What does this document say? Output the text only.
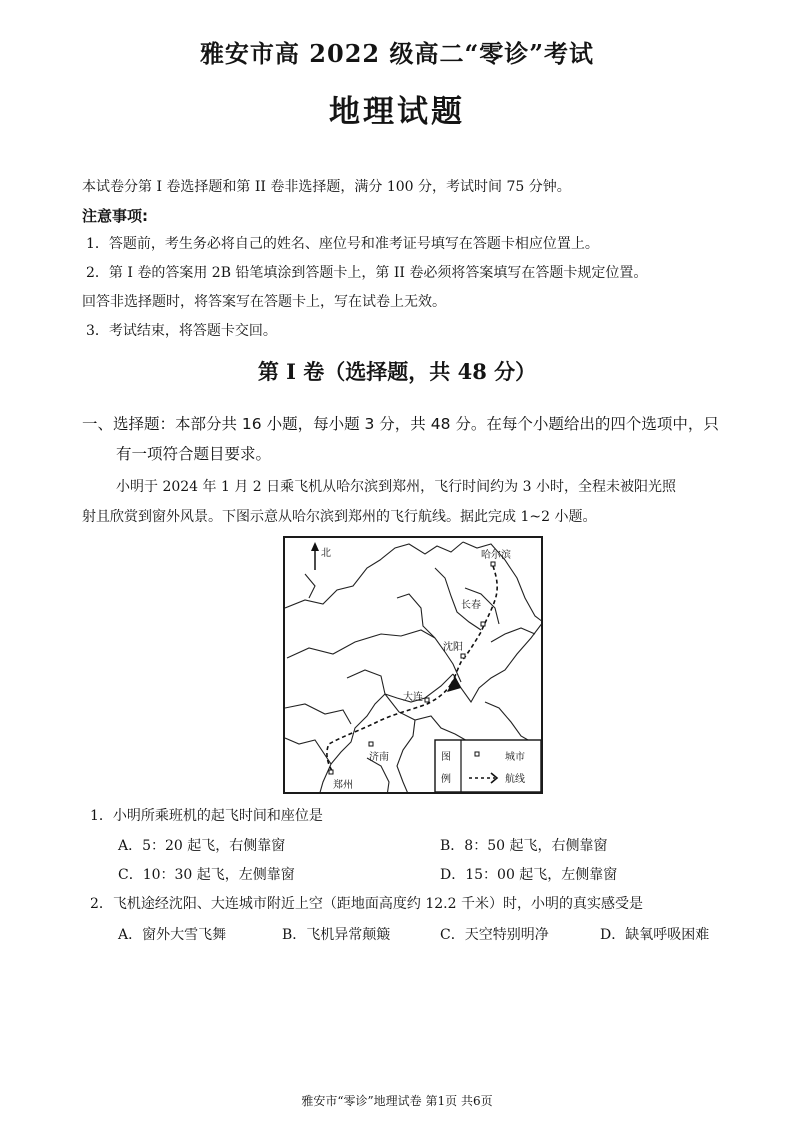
雅安市高 2022 级高二“零诊”考试
地理试题

本试卷分第 I 卷选择题和第 II 卷非选择题，满分 100 分，考试时间 75 分钟。

注意事项:

1．答题前，考生务必将自己的姓名、座位号和准考证号填写在答题卡相应位置上。

2．第 I 卷的答案用 2B 铅笔填涂到答题卡上，第 II 卷必须将答案填写在答题卡规定位置。

回答非选择题时，将答案写在答题卡上，写在试卷上无效。

3．考试结束，将答题卡交回。

第 I 卷（选择题，共 48 分）

一、选择题：本部分共 16 小题，每小题 3 分，共 48 分。在每个小题给出的四个选项中，只

有一项符合题目要求。

小明于 2024 年 1 月 2 日乘飞机从哈尔滨到郑州，飞行时间约为 3 小时，全程未被阳光照

射且欣赏到窗外风景。下图示意从哈尔滨到郑州的飞行航线。据此完成 1~2 小题。

北	哈尔滨
长春
沈阳
大连
济南
郑州
图
例
城市
航线

1．小明所乘班机的起飞时间和座位是

A．5：20 起飞，右侧靠窗	B．8：50 起飞，右侧靠窗

C．10：30 起飞，左侧靠窗	D．15：00 起飞，左侧靠窗

2．飞机途经沈阳、大连城市附近上空（距地面高度约 12.2 千米）时，小明的真实感受是

A．窗外大雪飞舞	B．飞机异常颠簸	C．天空特别明净	D．缺氧呼吸困难

雅安市“零诊”地理试卷 第1页 共6页
